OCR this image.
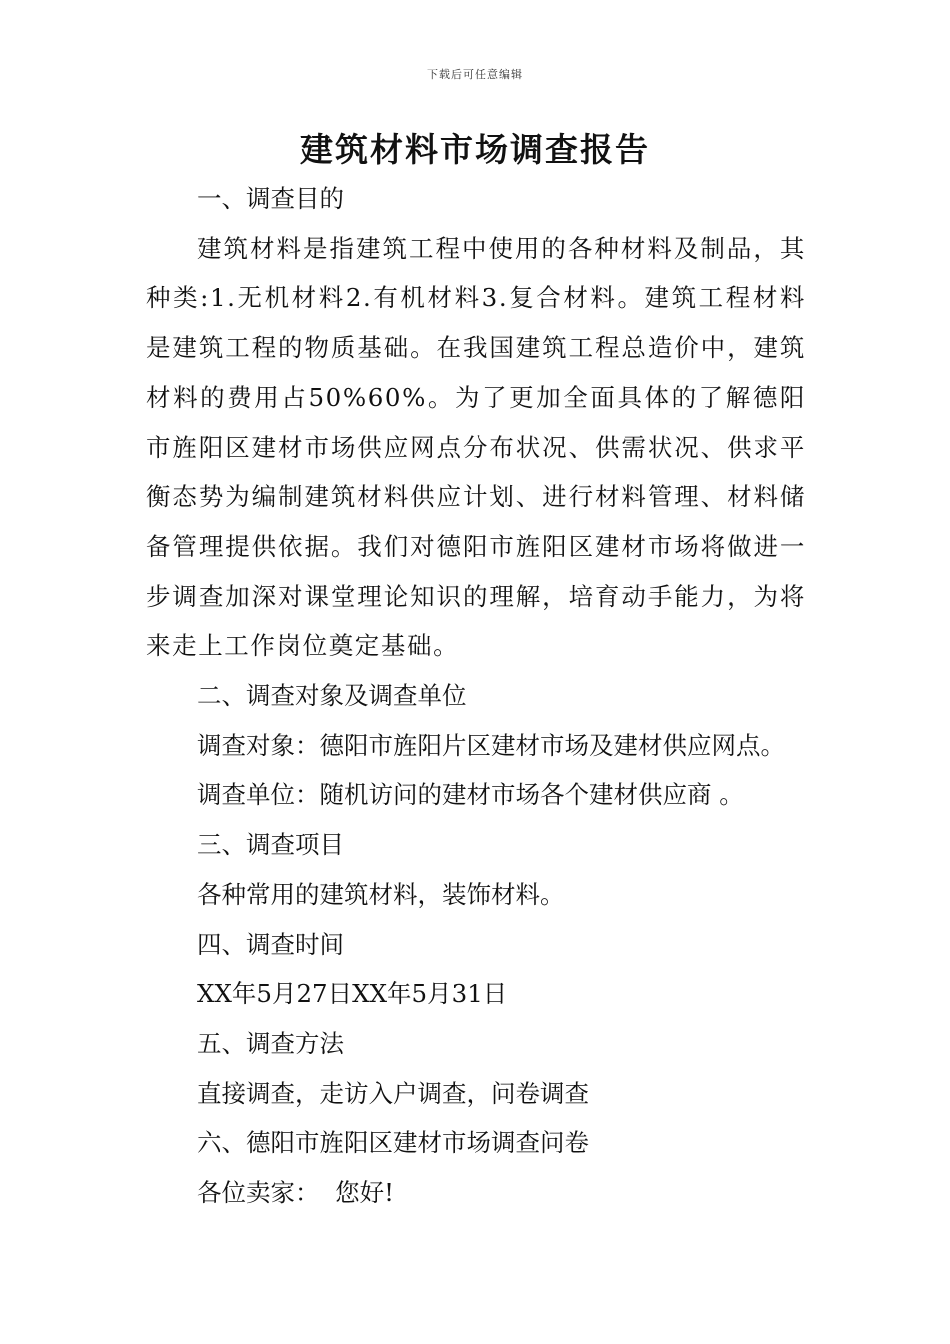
下载后可任意编辑
建筑材料市场调查报告

一、调查目的

建筑材料是指建筑工程中使用的各种材料及制品，其种类:1.无机材料2.有机材料3.复合材料。建筑工程材料是建筑工程的物质基础。在我国建筑工程总造价中，建筑材料的费用占50%60%。为了更加全面具体的了解德阳市旌阳区建材市场供应网点分布状况、供需状况、供求平衡态势为编制建筑材料供应计划、进行材料管理、材料储备管理提供依据。我们对德阳市旌阳区建材市场将做进一步调查加深对课堂理论知识的理解，培育动手能力，为将来走上工作岗位奠定基础。

二、调查对象及调查单位

调查对象：德阳市旌阳片区建材市场及建材供应网点。

调查单位：随机访问的建材市场各个建材供应商 。

三、调查项目

各种常用的建筑材料，装饰材料。

四、调查时间

XX年5月27日XX年5月31日

五、调查方法

直接调查，走访入户调查，问卷调查

六、德阳市旌阳区建材市场调查问卷

各位卖家：  您好!
